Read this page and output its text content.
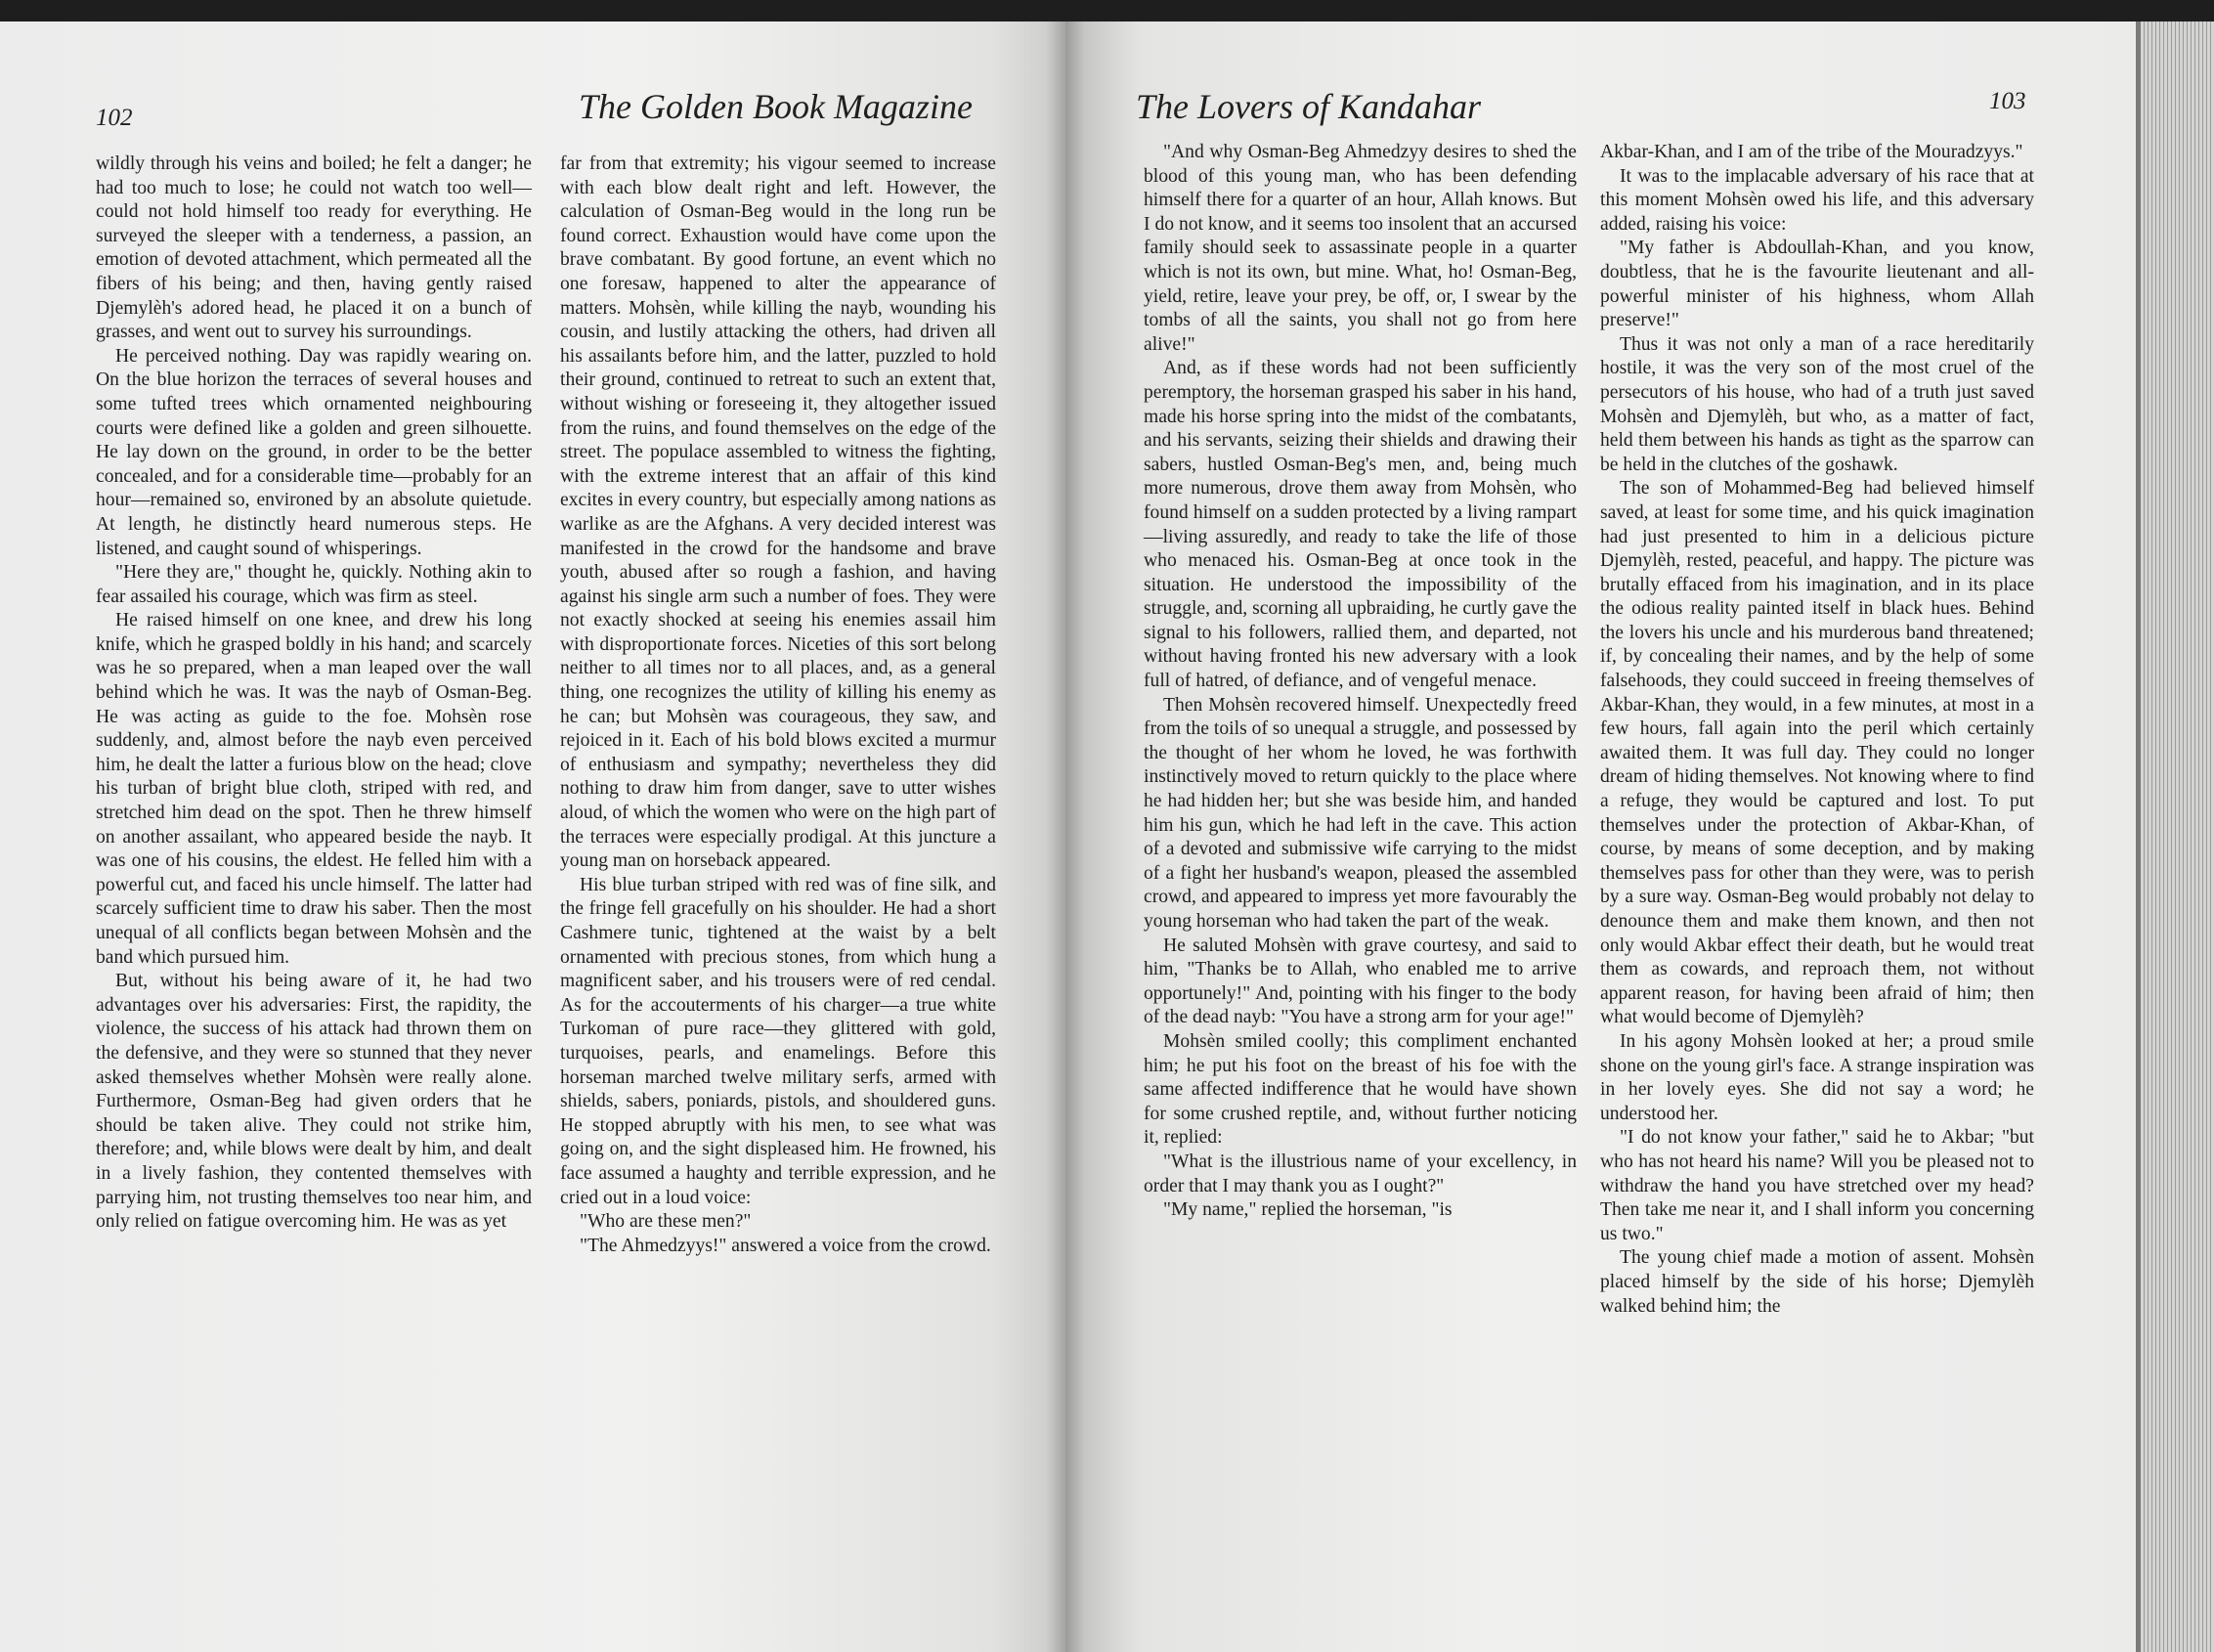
102	The Golden Book Magazine

wildly through his veins and boiled; he felt a danger; he had too much to lose; he could not watch too well—could not hold himself too ready for everything. He surveyed the sleeper with a tenderness, a passion, an emotion of devoted attachment, which permeated all the fibers of his being; and then, having gently raised Djemylèh's adored head, he placed it on a bunch of grasses, and went out to survey his surroundings.

He perceived nothing. Day was rapidly wearing on. On the blue horizon the terraces of several houses and some tufted trees which ornamented neighbouring courts were defined like a golden and green silhouette. He lay down on the ground, in order to be the better concealed, and for a considerable time—probably for an hour—remained so, environed by an absolute quietude. At length, he distinctly heard numerous steps. He listened, and caught sound of whisperings.

"Here they are," thought he, quickly. Nothing akin to fear assailed his courage, which was firm as steel.

He raised himself on one knee, and drew his long knife, which he grasped boldly in his hand; and scarcely was he so prepared, when a man leaped over the wall behind which he was. It was the nayb of Osman-Beg. He was acting as guide to the foe. Mohsèn rose suddenly, and, almost before the nayb even perceived him, he dealt the latter a furious blow on the head; clove his turban of bright blue cloth, striped with red, and stretched him dead on the spot. Then he threw himself on another assailant, who appeared beside the nayb. It was one of his cousins, the eldest. He felled him with a powerful cut, and faced his uncle himself. The latter had scarcely sufficient time to draw his saber. Then the most unequal of all conflicts began between Mohsèn and the band which pursued him.

But, without his being aware of it, he had two advantages over his adversaries: First, the rapidity, the violence, the success of his attack had thrown them on the defensive, and they were so stunned that they never asked themselves whether Mohsèn were really alone. Furthermore, Osman-Beg had given orders that he should be taken alive. They could not strike him, therefore; and, while blows were dealt by him, and dealt in a lively fashion, they contented themselves with parrying him, not trusting themselves too near him, and only relied on fatigue overcoming him. He was as yet

far from that extremity; his vigour seemed to increase with each blow dealt right and left. However, the calculation of Osman-Beg would in the long run be found correct. Exhaustion would have come upon the brave combatant. By good fortune, an event which no one foresaw, happened to alter the appearance of matters. Mohsèn, while killing the nayb, wounding his cousin, and lustily attacking the others, had driven all his assailants before him, and the latter, puzzled to hold their ground, continued to retreat to such an extent that, without wishing or foreseeing it, they altogether issued from the ruins, and found themselves on the edge of the street. The populace assembled to witness the fighting, with the extreme interest that an affair of this kind excites in every country, but especially among nations as warlike as are the Afghans. A very decided interest was manifested in the crowd for the handsome and brave youth, abused after so rough a fashion, and having against his single arm such a number of foes. They were not exactly shocked at seeing his enemies assail him with disproportionate forces. Niceties of this sort belong neither to all times nor to all places, and, as a general thing, one recognizes the utility of killing his enemy as he can; but Mohsèn was courageous, they saw, and rejoiced in it. Each of his bold blows excited a murmur of enthusiasm and sympathy; nevertheless they did nothing to draw him from danger, save to utter wishes aloud, of which the women who were on the high part of the terraces were especially prodigal. At this juncture a young man on horseback appeared.

His blue turban striped with red was of fine silk, and the fringe fell gracefully on his shoulder. He had a short Cashmere tunic, tightened at the waist by a belt ornamented with precious stones, from which hung a magnificent saber, and his trousers were of red cendal. As for the accouterments of his charger—a true white Turkoman of pure race—they glittered with gold, turquoises, pearls, and enamelings. Before this horseman marched twelve military serfs, armed with shields, sabers, poniards, pistols, and shouldered guns. He stopped abruptly with his men, to see what was going on, and the sight displeased him. He frowned, his face assumed a haughty and terrible expression, and he cried out in a loud voice:

"Who are these men?"

"The Ahmedzyys!" answered a voice from the crowd.

The Lovers of Kandahar	103

"And why Osman-Beg Ahmedzyy desires to shed the blood of this young man, who has been defending himself there for a quarter of an hour, Allah knows. But I do not know, and it seems too insolent that an accursed family should seek to assassinate people in a quarter which is not its own, but mine. What, ho! Osman-Beg, yield, retire, leave your prey, be off, or, I swear by the tombs of all the saints, you shall not go from here alive!"

And, as if these words had not been sufficiently peremptory, the horseman grasped his saber in his hand, made his horse spring into the midst of the combatants, and his servants, seizing their shields and drawing their sabers, hustled Osman-Beg's men, and, being much more numerous, drove them away from Mohsèn, who found himself on a sudden protected by a living rampart—living assuredly, and ready to take the life of those who menaced his. Osman-Beg at once took in the situation. He understood the impossibility of the struggle, and, scorning all upbraiding, he curtly gave the signal to his followers, rallied them, and departed, not without having fronted his new adversary with a look full of hatred, of defiance, and of vengeful menace.

Then Mohsèn recovered himself. Unexpectedly freed from the toils of so unequal a struggle, and possessed by the thought of her whom he loved, he was forthwith instinctively moved to return quickly to the place where he had hidden her; but she was beside him, and handed him his gun, which he had left in the cave. This action of a devoted and submissive wife carrying to the midst of a fight her husband's weapon, pleased the assembled crowd, and appeared to impress yet more favourably the young horseman who had taken the part of the weak.

He saluted Mohsèn with grave courtesy, and said to him, "Thanks be to Allah, who enabled me to arrive opportunely!" And, pointing with his finger to the body of the dead nayb: "You have a strong arm for your age!"

Mohsèn smiled coolly; this compliment enchanted him; he put his foot on the breast of his foe with the same affected indifference that he would have shown for some crushed reptile, and, without further noticing it, replied:

"What is the illustrious name of your excellency, in order that I may thank you as I ought?"

"My name," replied the horseman, "is

Akbar-Khan, and I am of the tribe of the Mouradzyys."

It was to the implacable adversary of his race that at this moment Mohsèn owed his life, and this adversary added, raising his voice:

"My father is Abdoullah-Khan, and you know, doubtless, that he is the favourite lieutenant and all-powerful minister of his highness, whom Allah preserve!"

Thus it was not only a man of a race hereditarily hostile, it was the very son of the most cruel of the persecutors of his house, who had of a truth just saved Mohsèn and Djemylèh, but who, as a matter of fact, held them between his hands as tight as the sparrow can be held in the clutches of the goshawk.

The son of Mohammed-Beg had believed himself saved, at least for some time, and his quick imagination had just presented to him in a delicious picture Djemylèh, rested, peaceful, and happy. The picture was brutally effaced from his imagination, and in its place the odious reality painted itself in black hues. Behind the lovers his uncle and his murderous band threatened; if, by concealing their names, and by the help of some falsehoods, they could succeed in freeing themselves of Akbar-Khan, they would, in a few minutes, at most in a few hours, fall again into the peril which certainly awaited them. It was full day. They could no longer dream of hiding themselves. Not knowing where to find a refuge, they would be captured and lost. To put themselves under the protection of Akbar-Khan, of course, by means of some deception, and by making themselves pass for other than they were, was to perish by a sure way. Osman-Beg would probably not delay to denounce them and make them known, and then not only would Akbar effect their death, but he would treat them as cowards, and reproach them, not without apparent reason, for having been afraid of him; then what would become of Djemylèh?

In his agony Mohsèn looked at her; a proud smile shone on the young girl's face. A strange inspiration was in her lovely eyes. She did not say a word; he understood her.

"I do not know your father," said he to Akbar; "but who has not heard his name? Will you be pleased not to withdraw the hand you have stretched over my head? Then take me near it, and I shall inform you concerning us two."

The young chief made a motion of assent. Mohsèn placed himself by the side of his horse; Djemylèh walked behind him; the
